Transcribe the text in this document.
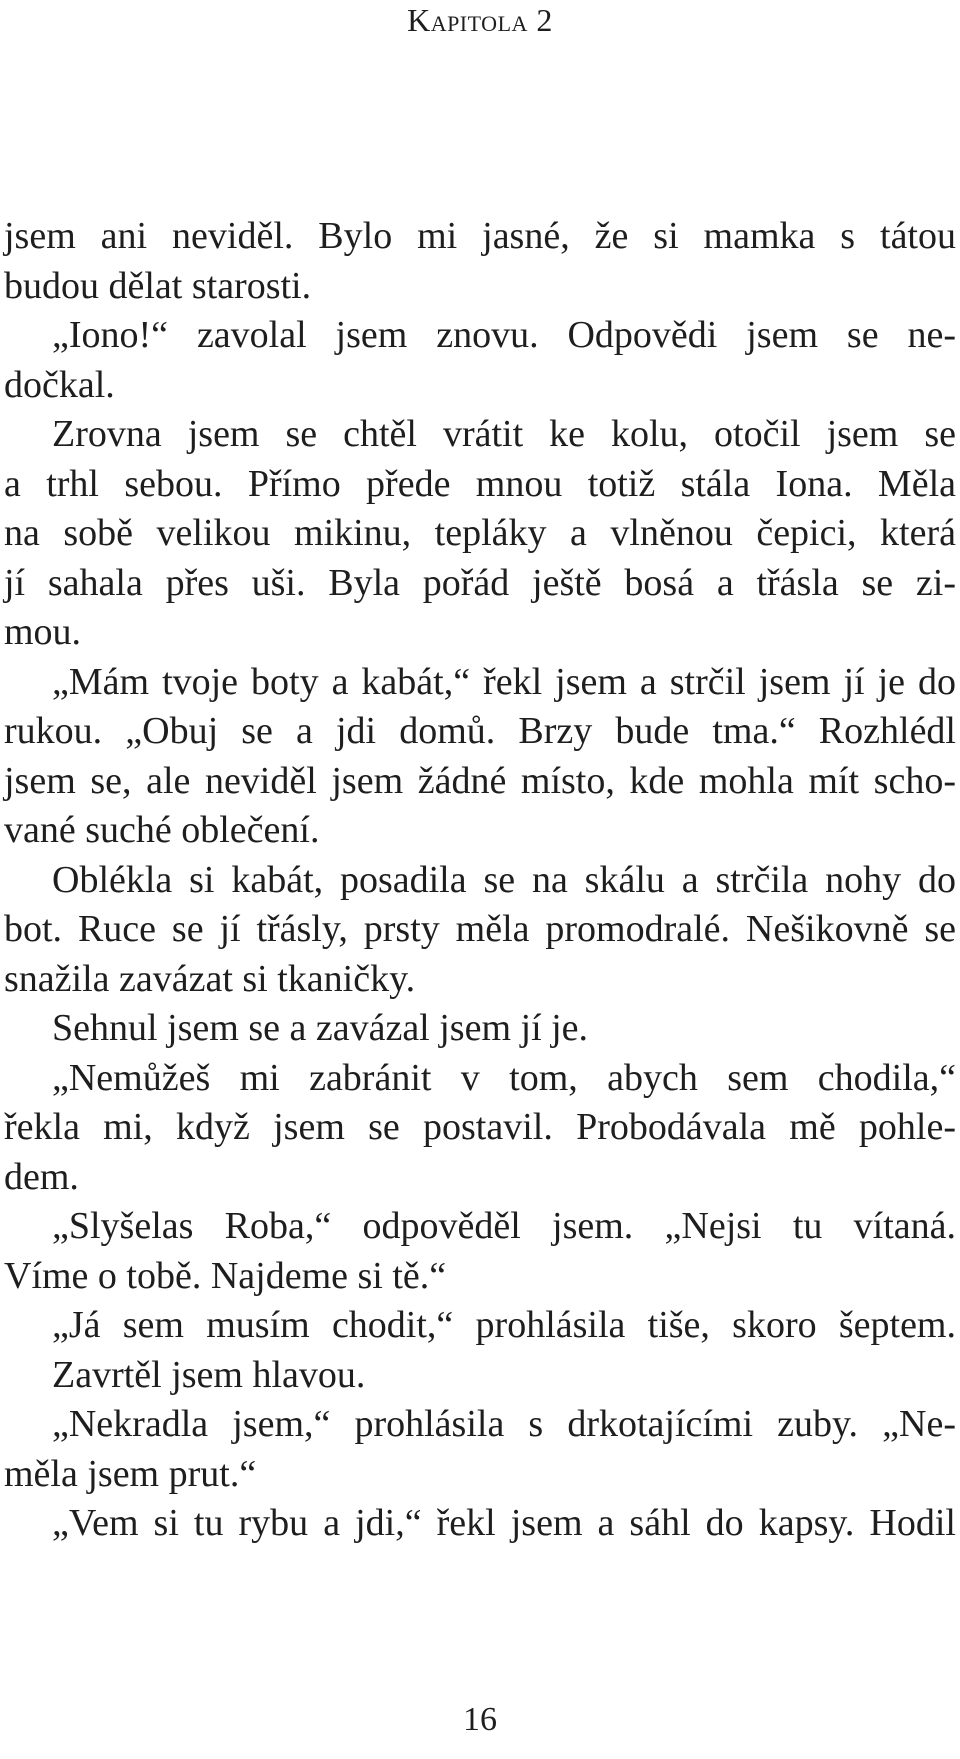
Kapitola 2
jsem ani neviděl. Bylo mi jasné, že si mamka s tátou
budou dělat starosti.
„Iono!“ zavolal jsem znovu. Odpovědi jsem se ne-
dočkal.
Zrovna jsem se chtěl vrátit ke kolu, otočil jsem se
a trhl sebou. Přímo přede mnou totiž stála Iona. Měla
na sobě velikou mikinu, tepláky a vlněnou čepici, která
jí sahala přes uši. Byla pořád ještě bosá a třásla se zi-
mou.
„Mám tvoje boty a kabát,“ řekl jsem a strčil jsem jí je do
rukou. „Obuj se a jdi domů. Brzy bude tma.“ Rozhlédl
jsem se, ale neviděl jsem žádné místo, kde mohla mít scho-
vané suché oblečení.
Oblékla si kabát, posadila se na skálu a strčila nohy do
bot. Ruce se jí třásly, prsty měla promodralé. Nešikovně se
snažila zavázat si tkaničky.
Sehnul jsem se a zavázal jsem jí je.
„Nemůžeš mi zabránit v tom, abych sem chodila,“
řekla mi, když jsem se postavil. Probodávala mě pohle-
dem.
„Slyšelas Roba,“ odpověděl jsem. „Nejsi tu vítaná.
Víme o tobě. Najdeme si tě.“
„Já sem musím chodit,“ prohlásila tiše, skoro šeptem.
Zavrtěl jsem hlavou.
„Nekradla jsem,“ prohlásila s drkotajícími zuby. „Ne-
měla jsem prut.“
„Vem si tu rybu a jdi,“ řekl jsem a sáhl do kapsy. Hodil
16
